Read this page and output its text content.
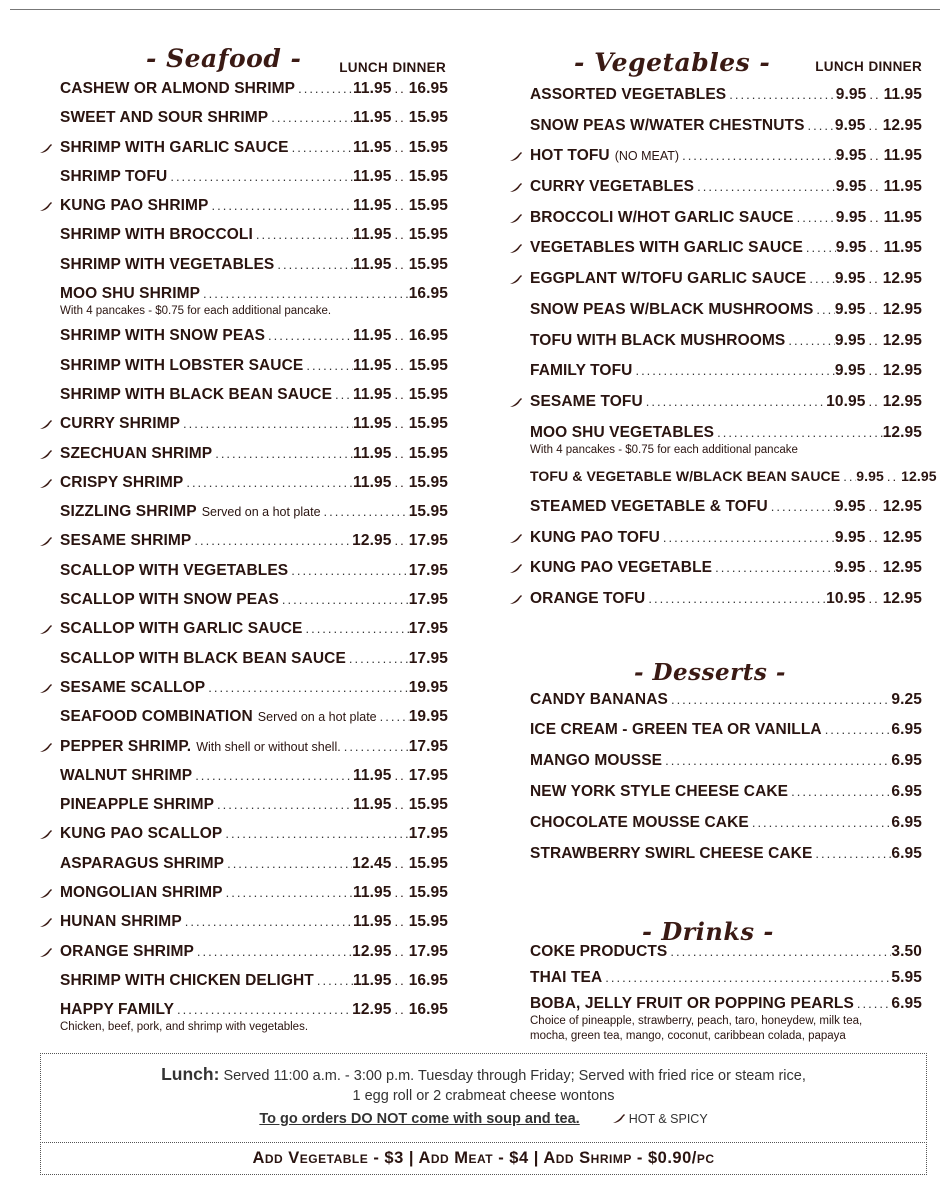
- Seafood -	LUNCH DINNER
CASHEW OR ALMOND SHRIMP .....	11.95 .. 16.95
SWEET AND SOUR SHRIMP .....	11.95 .. 15.95
SHRIMP WITH GARLIC SAUCE .....	11.95 .. 15.95
SHRIMP TOFU .....	11.95 .. 15.95
KUNG PAO SHRIMP .....	11.95 .. 15.95
SHRIMP WITH BROCCOLI .....	11.95 .. 15.95
SHRIMP WITH VEGETABLES .....	11.95 .. 15.95
MOO SHU SHRIMP .....	16.95
With 4 pancakes - $0.75 for each additional pancake.
SHRIMP WITH SNOW PEAS .....	11.95 .. 16.95
SHRIMP WITH LOBSTER SAUCE .....	11.95 .. 15.95
SHRIMP WITH BLACK BEAN SAUCE ..... 11.95 .. 15.95
CURRY SHRIMP .....	11.95 .. 15.95
SZECHUAN SHRIMP .....	11.95 .. 15.95
CRISPY SHRIMP .....	11.95 .. 15.95
SIZZLING SHRIMP Served on a hot plate .....	15.95
SESAME SHRIMP .....	12.95 .. 17.95
SCALLOP WITH VEGETABLES .....	17.95
SCALLOP WITH SNOW PEAS .....	17.95
SCALLOP WITH GARLIC SAUCE .....	17.95
SCALLOP WITH BLACK BEAN SAUCE .....	17.95
SESAME SCALLOP .....	19.95
SEAFOOD COMBINATION Served on a hot plate ..... 19.95
PEPPER SHRIMP. With shell or without shell. .....	17.95
WALNUT SHRIMP .....	11.95 .. 17.95
PINEAPPLE SHRIMP .....	11.95 .. 15.95
KUNG PAO SCALLOP .....	17.95
ASPARAGUS SHRIMP .....	12.45 .. 15.95
MONGOLIAN SHRIMP .....	11.95 .. 15.95
HUNAN SHRIMP .....	11.95 .. 15.95
ORANGE SHRIMP .....	12.95 .. 17.95
SHRIMP WITH CHICKEN DELIGHT .....	11.95 .. 16.95
HAPPY FAMILY .....	12.95 .. 16.95
Chicken, beef, pork, and shrimp with vegetables.
- Vegetables -	LUNCH DINNER
ASSORTED VEGETABLES .....	9.95 .. 11.95
SNOW PEAS W/WATER CHESTNUTS ..... 9.95 .. 12.95
HOT TOFU (NO MEAT) .....	9.95 .. 11.95
CURRY VEGETABLES .....	9.95 .. 11.95
BROCCOLI W/HOT GARLIC SAUCE .....	9.95 .. 11.95
VEGETABLES WITH GARLIC SAUCE ..... 9.95 .. 11.95
EGGPLANT W/TOFU GARLIC SAUCE ..... 9.95 .. 12.95
SNOW PEAS W/BLACK MUSHROOMS ..... 9.95 .. 12.95
TOFU WITH BLACK MUSHROOMS .....	9.95 .. 12.95
FAMILY TOFU .....	9.95 .. 12.95
SESAME TOFU .....	10.95 .. 12.95
MOO SHU VEGETABLES .....	12.95
With 4 pancakes - $0.75 for each additional pancake
TOFU & VEGETABLE W/BLACK BEAN SAUCE ..... 9.95 .. 12.95
STEAMED VEGETABLE & TOFU .....	9.95 .. 12.95
KUNG PAO TOFU .....	9.95 .. 12.95
KUNG PAO VEGETABLE .....	9.95 .. 12.95
ORANGE TOFU .....	10.95 .. 12.95
- Desserts -
CANDY BANANAS .....	9.25
ICE CREAM - GREEN TEA OR VANILLA .....	6.95
MANGO MOUSSE .....	6.95
NEW YORK STYLE CHEESE CAKE .....	6.95
CHOCOLATE MOUSSE CAKE .....	6.95
STRAWBERRY SWIRL CHEESE CAKE .....	6.95
- Drinks -
COKE PRODUCTS .....	3.50
THAI TEA .....	5.95
BOBA, JELLY FRUIT OR POPPING PEARLS ..... 6.95
Choice of pineapple, strawberry, peach, taro, honeydew, milk tea,
mocha, green tea, mango, coconut, caribbean colada, papaya
Lunch: Served 11:00 a.m. - 3:00 p.m. Tuesday through Friday; Served with fried rice or steam rice,
1 egg roll or 2 crabmeat cheese wontons
To go orders DO NOT come with soup and tea.	HOT & SPICY
Add Vegetable - $3 | Add Meat - $4 | Add Shrimp - $0.90/pc
